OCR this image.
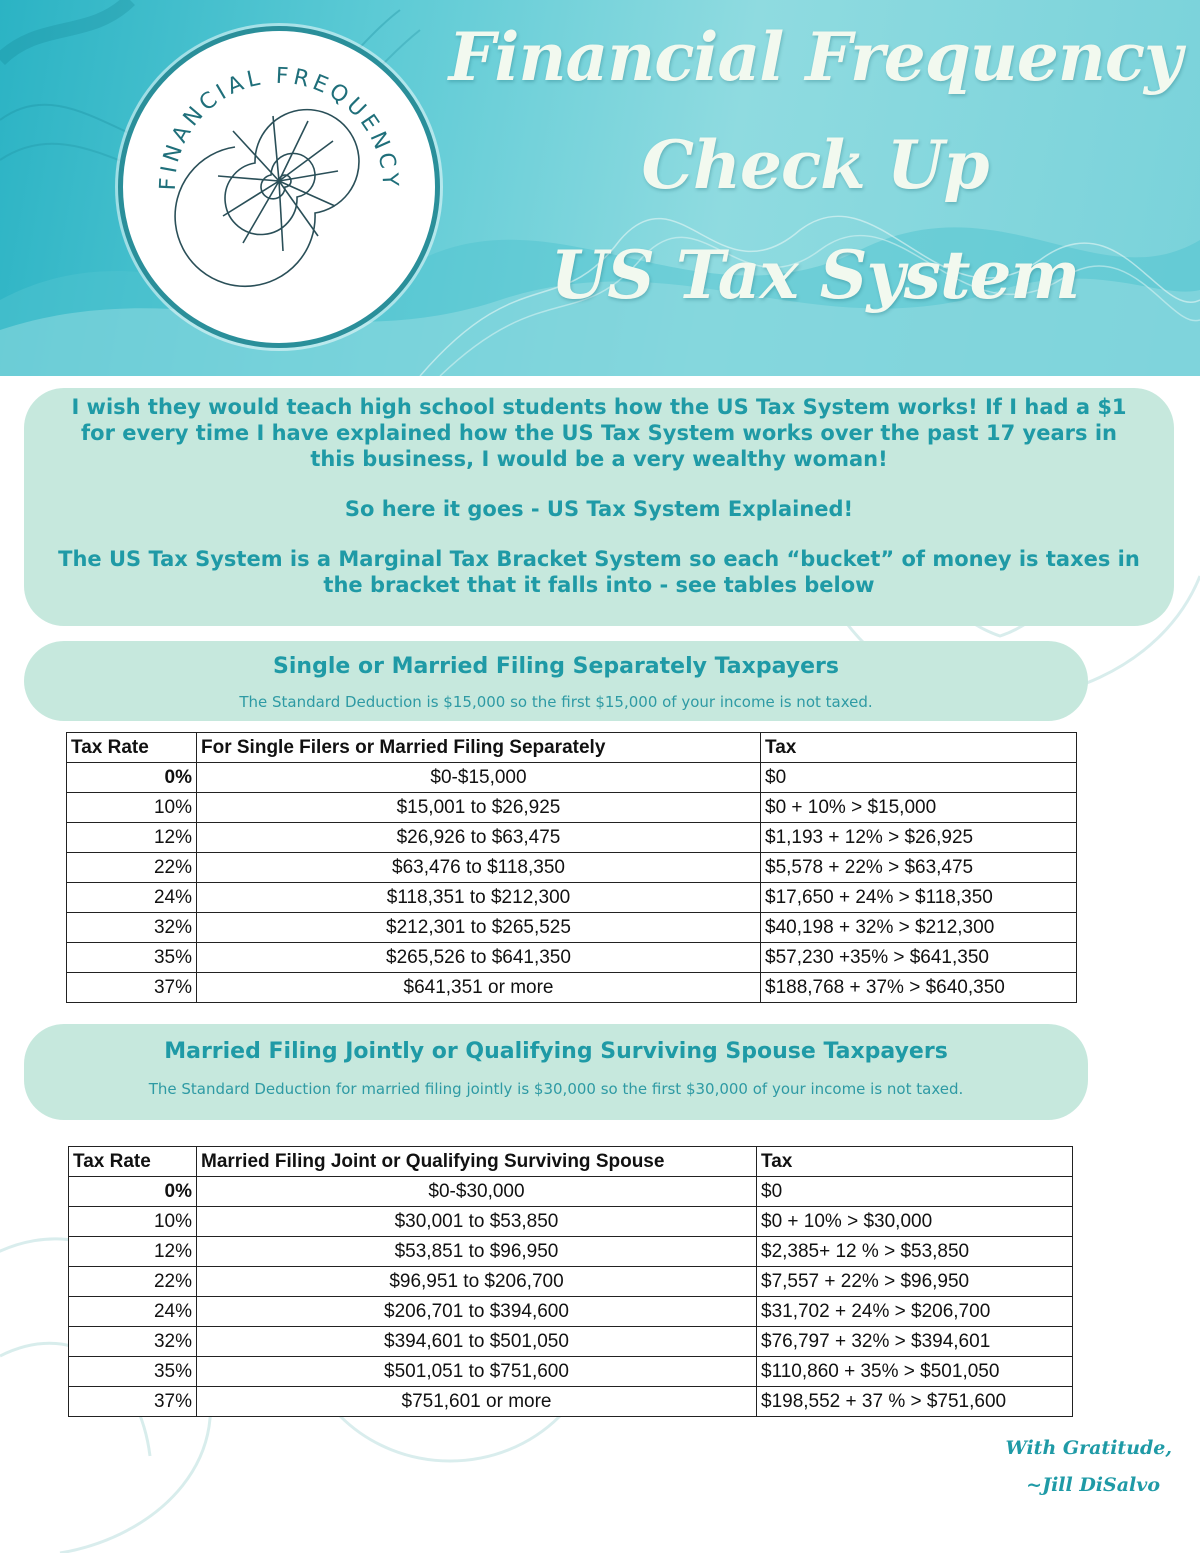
FINANCIAL FREQUENCY
Financial Frequency
Check Up
US Tax System

I wish they would teach high school students how the US Tax System works! If I had a $1 for every time I have explained how the US Tax System works over the past 17 years in this business, I would be a very wealthy woman!

So here it goes - US Tax System Explained!

The US Tax System is a Marginal Tax Bracket System so each “bucket” of money is taxes in the bracket that it falls into - see tables below

Single or Married Filing Separately Taxpayers
The Standard Deduction is $15,000 so the first $15,000 of your income is not taxed.
Tax Rate	For Single Filers or Married Filing Separately	Tax
0%	$0-$15,000	$0
10%	$15,001 to $26,925	$0 + 10% > $15,000
12%	$26,926 to $63,475	$1,193 + 12% > $26,925
22%	$63,476 to $118,350	$5,578 + 22% > $63,475
24%	$118,351 to $212,300	$17,650 + 24% > $118,350
32%	$212,301 to $265,525	$40,198 + 32% > $212,300
35%	$265,526 to $641,350	$57,230 +35% > $641,350
37%	$641,351 or more	$188,768 + 37% > $640,350
Married Filing Jointly or Qualifying Surviving Spouse Taxpayers
The Standard Deduction for married filing jointly is $30,000 so the first $30,000 of your income is not taxed.
Tax Rate	Married Filing Joint or Qualifying Surviving Spouse	Tax
0%	$0-$30,000	$0
10%	$30,001 to $53,850	$0 + 10% > $30,000
12%	$53,851 to $96,950	$2,385+ 12 % > $53,850
22%	$96,951 to $206,700	$7,557 + 22% > $96,950
24%	$206,701 to $394,600	$31,702 + 24% > $206,700
32%	$394,601 to $501,050	$76,797 + 32% > $394,601
35%	$501,051 to $751,600	$110,860 + 35% > $501,050
37%	$751,601 or more	$198,552 + 37 % > $751,600
With Gratitude,
~Jill DiSalvo
